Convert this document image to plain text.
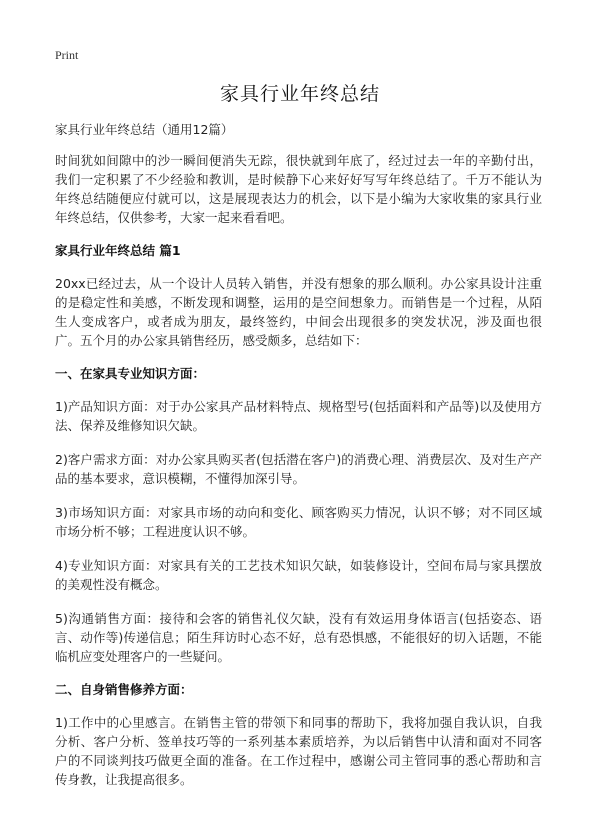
Print
家具行业年终总结
家具行业年终总结（通用12篇）

时间犹如间隙中的沙一瞬间便消失无踪，很快就到年底了，经过过去一年的辛勤付出，我们一定积累了不少经验和教训，是时候静下心来好好写写年终总结了。千万不能认为年终总结随便应付就可以，这是展现表达力的机会，以下是小编为大家收集的家具行业年终总结，仅供参考，大家一起来看看吧。

家具行业年终总结 篇1

20xx已经过去，从一个设计人员转入销售，并没有想象的那么顺利。办公家具设计注重的是稳定性和美感，不断发现和调整，运用的是空间想象力。而销售是一个过程，从陌生人变成客户，或者成为朋友，最终签约，中间会出现很多的突发状况，涉及面也很广。五个月的办公家具销售经历，感受颇多，总结如下：

一、在家具专业知识方面：

1)产品知识方面：对于办公家具产品材料特点、规格型号(包括面料和产品等)以及使用方法、保养及维修知识欠缺。

2)客户需求方面：对办公家具购买者(包括潜在客户)的消费心理、消费层次、及对生产产品的基本要求，意识模糊，不懂得加深引导。

3)市场知识方面：对家具市场的动向和变化、顾客购买力情况，认识不够；对不同区域市场分析不够；工程进度认识不够。

4)专业知识方面：对家具有关的工艺技术知识欠缺，如装修设计，空间布局与家具摆放的美观性没有概念。

5)沟通销售方面：接待和会客的销售礼仪欠缺，没有有效运用身体语言(包括姿态、语言、动作等)传递信息；陌生拜访时心态不好，总有恐惧感，不能很好的切入话题，不能临机应变处理客户的一些疑问。

二、自身销售修养方面：

1)工作中的心里感言。在销售主管的带领下和同事的帮助下，我将加强自我认识，自我分析、客户分析、签单技巧等的一系列基本素质培养，为以后销售中认清和面对不同客户的不同谈判技巧做更全面的准备。在工作过程中，感谢公司主管同事的悉心帮助和言传身教，让我提高很多。
